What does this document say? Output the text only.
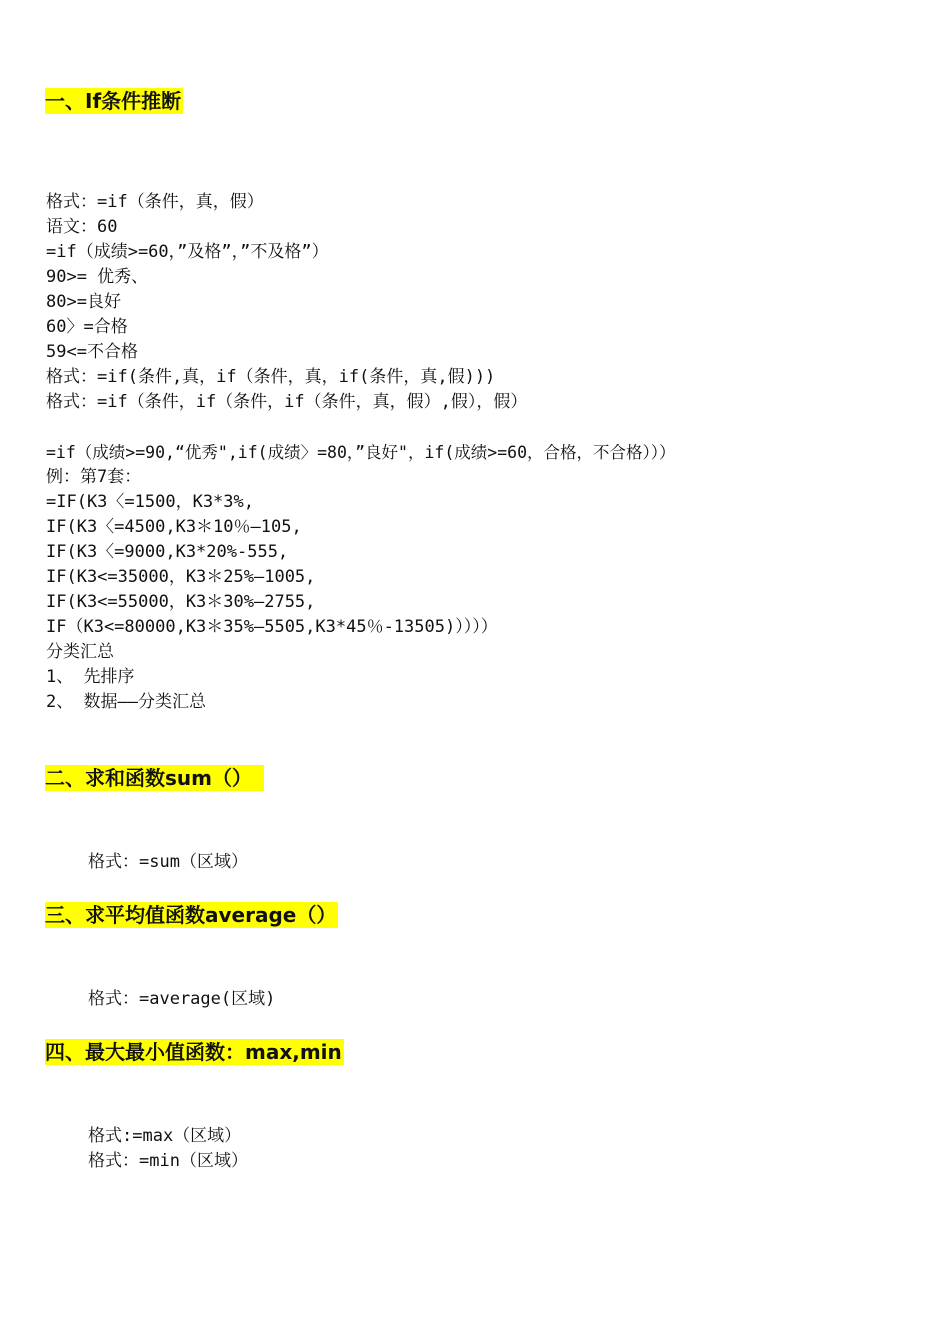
一、If条件推断
格式：=if（条件，真，假）
语文：60
=if（成绩>=60，”及格”，”不及格”）
90>= 优秀、
80>=良好
60〉=合格
59<=不合格
格式：=if(条件,真，if（条件，真，if(条件，真,假)))
格式：=if（条件，if（条件，if（条件，真，假）,假），假）
=if（成绩>=90,“优秀",if(成绩〉=80，”良好"，if(成绩>=60，合格，不合格）））
例：第7套：
=IF(K3〈=1500，K3*3%,
IF(K3〈=4500,K3＊10％—105,
IF(K3〈=9000,K3*20%-555,
IF(K3<=35000，K3＊25%—1005,
IF(K3<=55000，K3＊30%—2755,
IF（K3<=80000,K3＊35%—5505,K3*45％-13505)））））
分类汇总
1、 先排序
2、 数据——分类汇总
二、求和函数sum（）
格式：=sum（区域）
三、求平均值函数average（）
格式：=average(区域)
四、最大最小值函数：max,min
格式:=max（区域）
格式：=min（区域）
